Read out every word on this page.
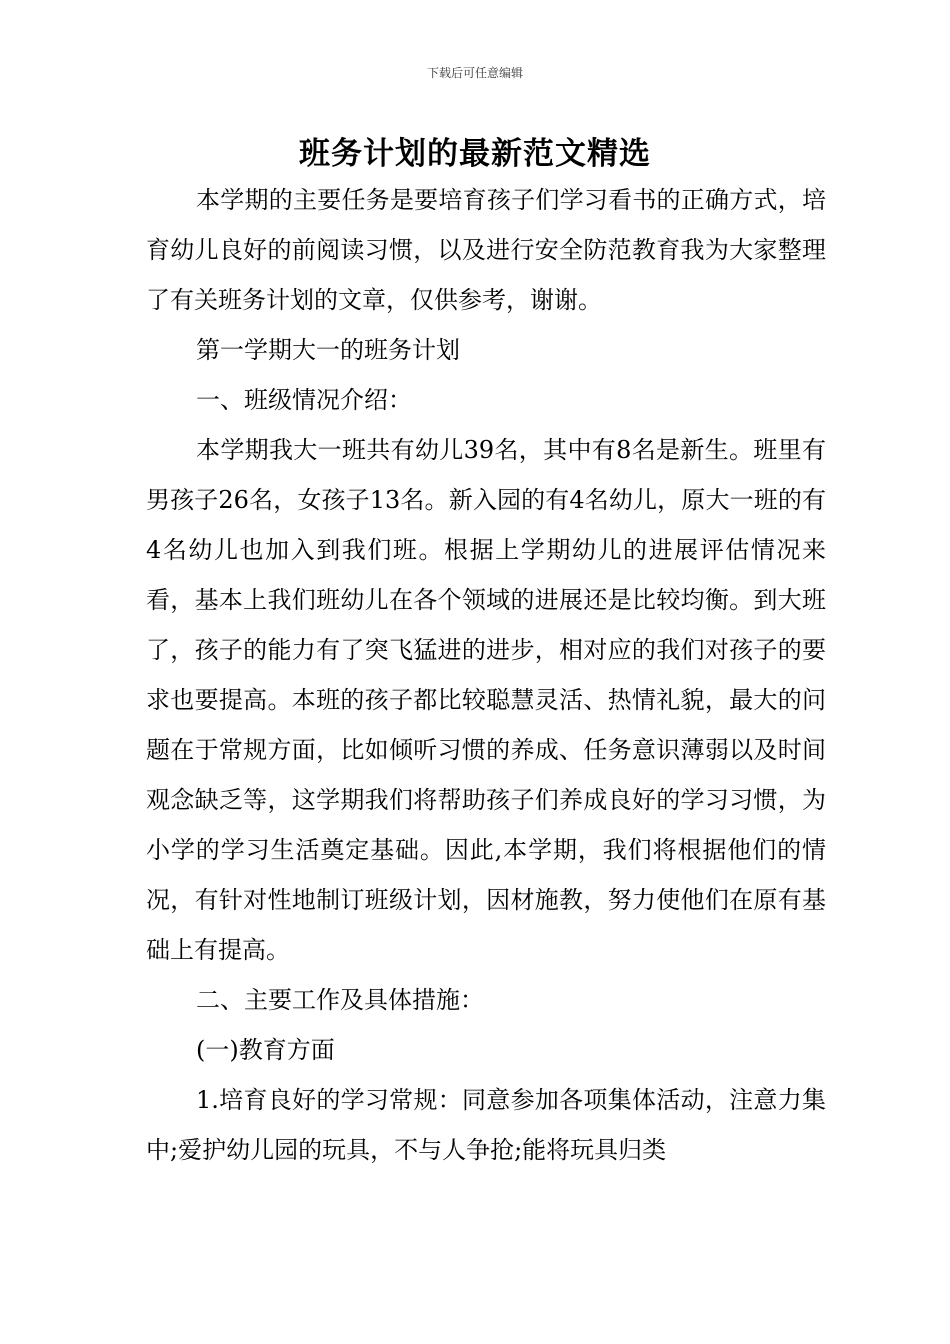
下载后可任意编辑
班务计划的最新范文精选

本学期的主要任务是要培育孩子们学习看书的正确方式，培育幼儿良好的前阅读习惯，以及进行安全防范教育我为大家整理了有关班务计划的文章，仅供参考，谢谢。

第一学期大一的班务计划

一、班级情况介绍：

本学期我大一班共有幼儿39名，其中有8名是新生。班里有男孩子26名，女孩子13名。新入园的有4名幼儿，原大一班的有4名幼儿也加入到我们班。根据上学期幼儿的进展评估情况来看，基本上我们班幼儿在各个领域的进展还是比较均衡。到大班了，孩子的能力有了突飞猛进的进步，相对应的我们对孩子的要求也要提高。本班的孩子都比较聪慧灵活、热情礼貌，最大的问题在于常规方面，比如倾听习惯的养成、任务意识薄弱以及时间观念缺乏等，这学期我们将帮助孩子们养成良好的学习习惯，为小学的学习生活奠定基础。因此,本学期，我们将根据他们的情况，有针对性地制订班级计划，因材施教，努力使他们在原有基础上有提高。

二、主要工作及具体措施：

(一)教育方面

1.培育良好的学习常规：同意参加各项集体活动，注意力集中;爱护幼儿园的玩具，不与人争抢;能将玩具归类
